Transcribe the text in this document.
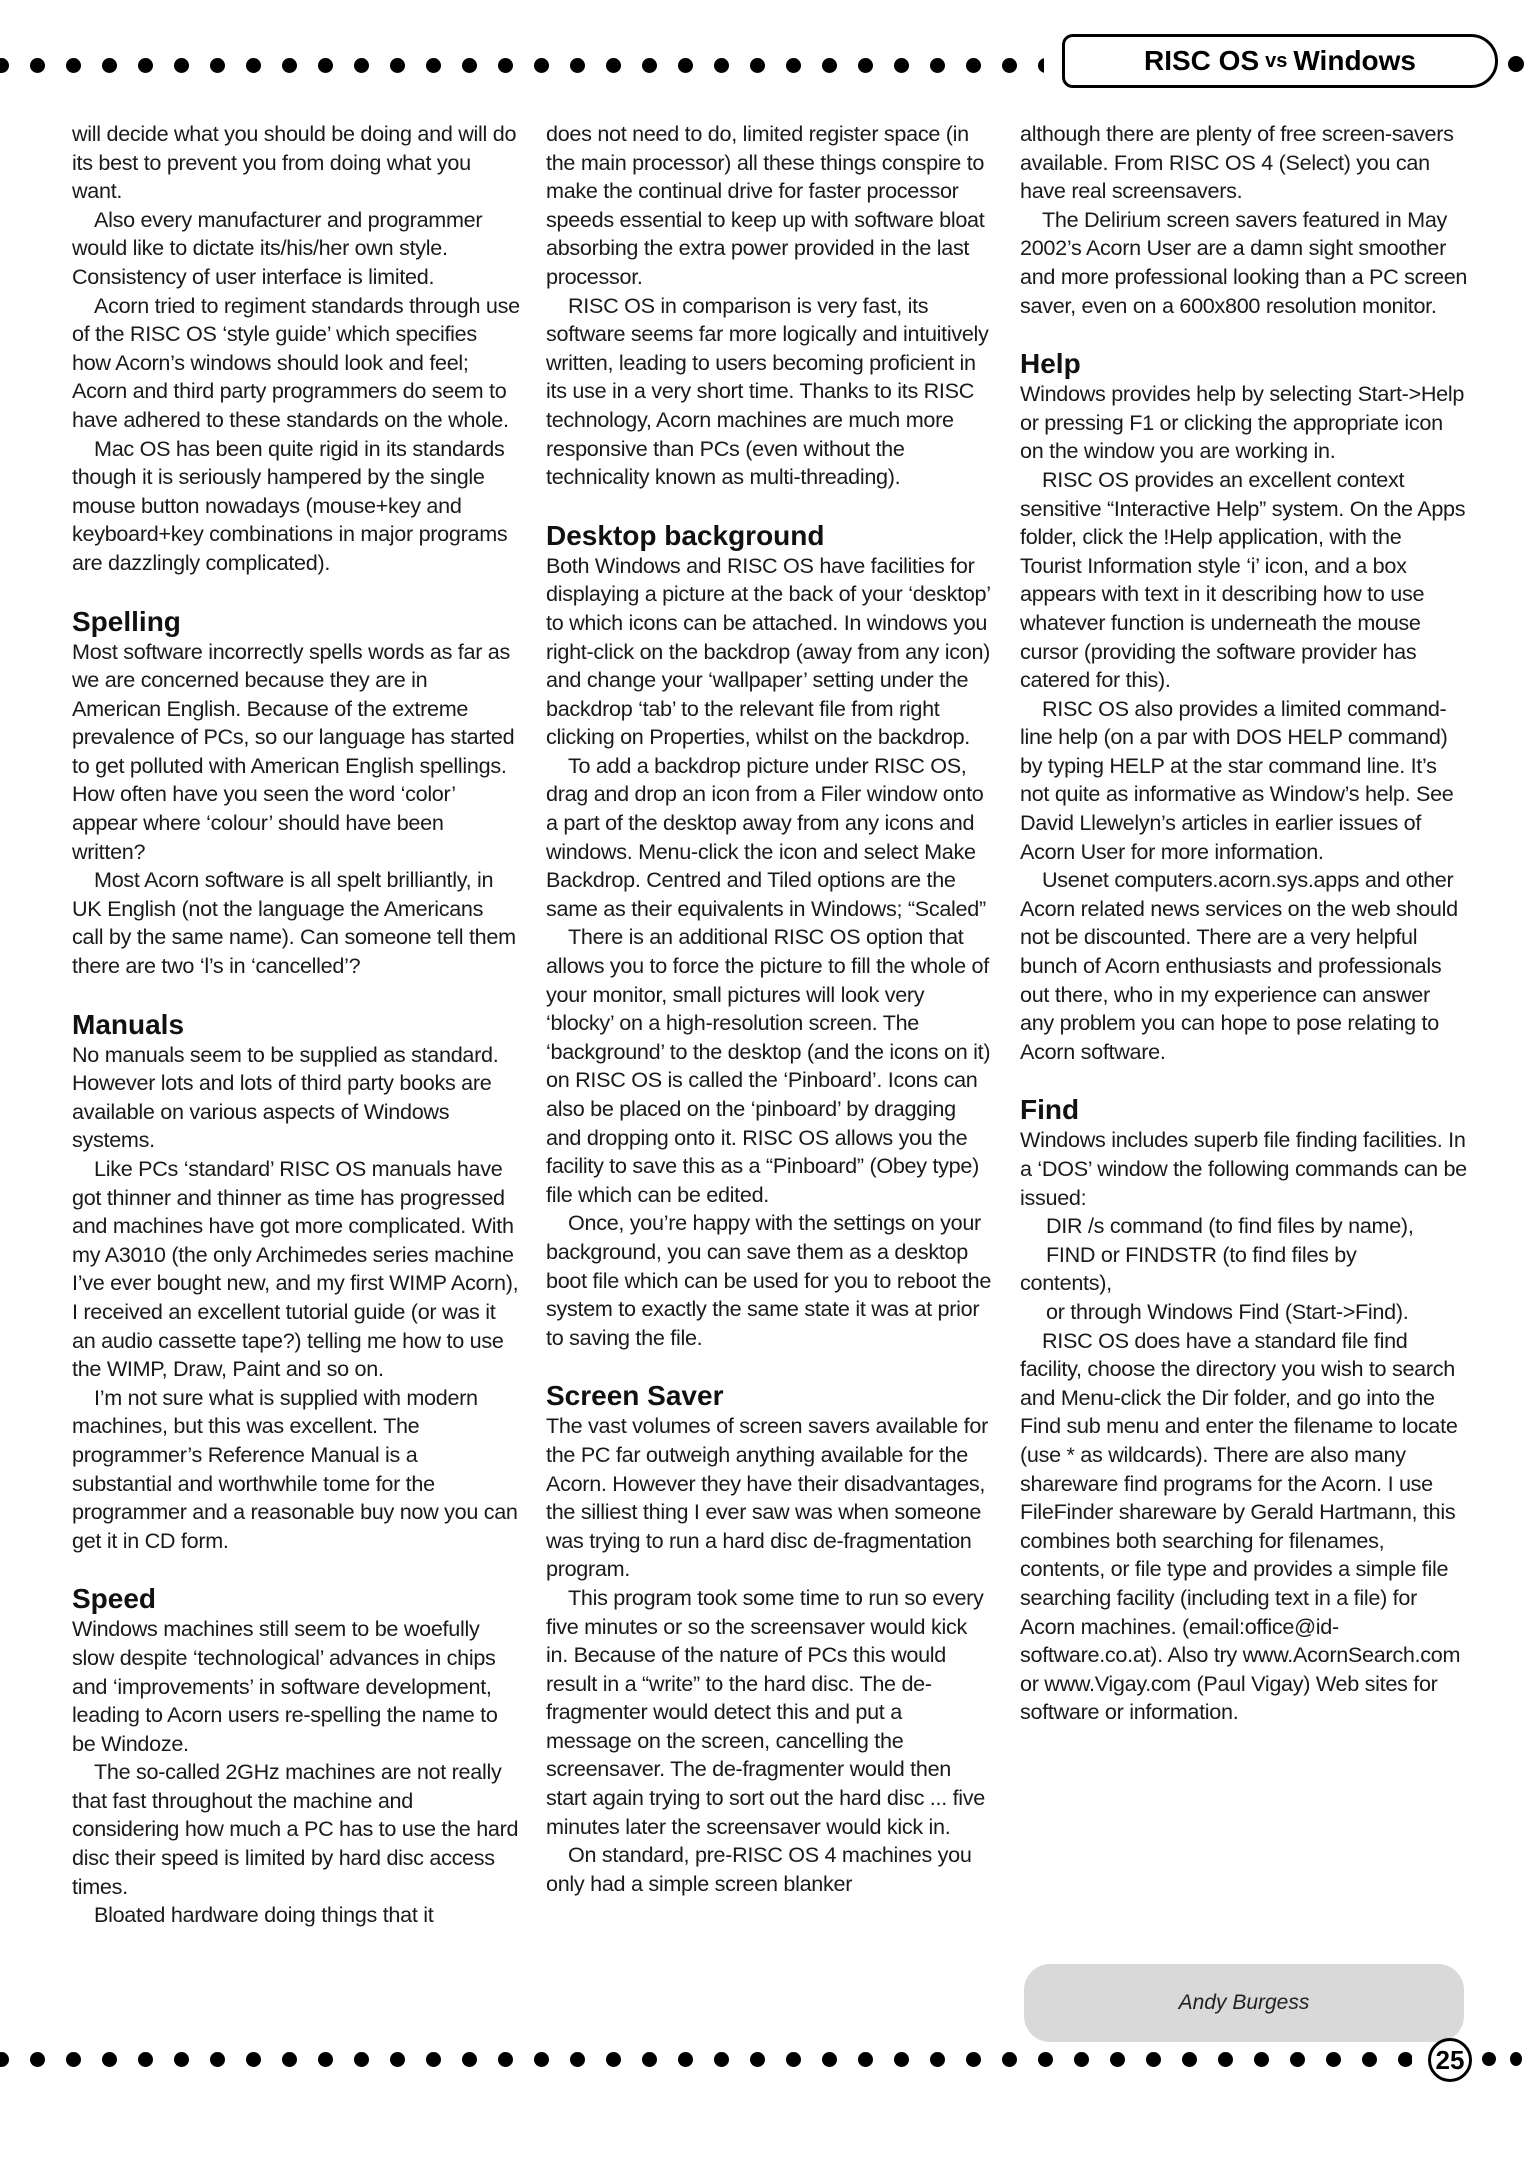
RISC OS vs Windows

will decide what you should be doing and will do its best to prevent you from doing what you want.

Also every manufacturer and programmer would like to dictate its/his/her own style. Consistency of user interface is limited.

Acorn tried to regiment standards through use of the RISC OS ‘style guide’ which specifies how Acorn’s windows should look and feel; Acorn and third party programmers do seem to have adhered to these standards on the whole.

Mac OS has been quite rigid in its standards though it is seriously hampered by the single mouse button nowadays (mouse+key and keyboard+key combinations in major programs are dazzlingly complicated).

Spelling

Most software incorrectly spells words as far as we are concerned because they are in American English. Because of the extreme prevalence of PCs, so our language has started to get polluted with American English spellings. How often have you seen the word ‘color’ appear where ‘colour’ should have been written?

Most Acorn software is all spelt brilliantly, in UK English (not the language the Americans call by the same name). Can someone tell them there are two ‘l’s in ‘cancelled’?

Manuals

No manuals seem to be supplied as standard. However lots and lots of third party books are available on various aspects of Windows systems.

Like PCs ‘standard’ RISC OS manuals have got thinner and thinner as time has progressed and machines have got more complicated. With my A3010 (the only Archimedes series machine I’ve ever bought new, and my first WIMP Acorn), I received an excellent tutorial guide (or was it an audio cassette tape?) telling me how to use the WIMP, Draw, Paint and so on.

I’m not sure what is supplied with modern machines, but this was excellent. The programmer’s Reference Manual is a substantial and worthwhile tome for the programmer and a reasonable buy now you can get it in CD form.

Speed

Windows machines still seem to be woefully slow despite ‘technological’ advances in chips and ‘improvements’ in software development, leading to Acorn users re-spelling the name to be Windoze.

The so-called 2GHz machines are not really that fast throughout the machine and considering how much a PC has to use the hard disc their speed is limited by hard disc access times.

Bloated hardware doing things that it

does not need to do, limited register space (in the main processor) all these things conspire to make the continual drive for faster processor speeds essential to keep up with software bloat absorbing the extra power provided in the last processor.

RISC OS in comparison is very fast, its software seems far more logically and intuitively written, leading to users becoming proficient in its use in a very short time. Thanks to its RISC technology, Acorn machines are much more responsive than PCs (even without the technicality known as multi-threading).

Desktop background

Both Windows and RISC OS have facilities for displaying a picture at the back of your ‘desktop’ to which icons can be attached. In windows you right-click on the backdrop (away from any icon) and change your ‘wallpaper’ setting under the backdrop ‘tab’ to the relevant file from right clicking on Properties, whilst on the backdrop.

To add a backdrop picture under RISC OS, drag and drop an icon from a Filer window onto a part of the desktop away from any icons and windows. Menu-click the icon and select Make Backdrop. Centred and Tiled options are the same as their equivalents in Windows; “Scaled”

There is an additional RISC OS option that allows you to force the picture to fill the whole of your monitor, small pictures will look very ‘blocky’ on a high-resolution screen. The ‘background’ to the desktop (and the icons on it) on RISC OS is called the ‘Pinboard’. Icons can also be placed on the ‘pinboard’ by dragging and dropping onto it. RISC OS allows you the facility to save this as a “Pinboard” (Obey type) file which can be edited.

Once, you’re happy with the settings on your background, you can save them as a desktop boot file which can be used for you to reboot the system to exactly the same state it was at prior to saving the file.

Screen Saver

The vast volumes of screen savers available for the PC far outweigh anything available for the Acorn. However they have their disadvantages, the silliest thing I ever saw was when someone was trying to run a hard disc de-fragmentation program.

This program took some time to run so every five minutes or so the screensaver would kick in. Because of the nature of PCs this would result in a “write” to the hard disc. The de-fragmenter would detect this and put a message on the screen, cancelling the screensaver. The de-fragmenter would then start again trying to sort out the hard disc ... five minutes later the screensaver would kick in.

On standard, pre-RISC OS 4 machines you only had a simple screen blanker

although there are plenty of free screen-savers available. From RISC OS 4 (Select) you can have real screensavers.

The Delirium screen savers featured in May 2002’s Acorn User are a damn sight smoother and more professional looking than a PC screen saver, even on a 600x800 resolution monitor.

Help

Windows provides help by selecting Start->Help or pressing F1 or clicking the appropriate icon on the window you are working in.

RISC OS provides an excellent context sensitive “Interactive Help” system. On the Apps folder, click the !Help application, with the Tourist Information style ‘i’ icon, and a box appears with text in it describing how to use whatever function is underneath the mouse cursor (providing the software provider has catered for this).

RISC OS also provides a limited command-line help (on a par with DOS HELP command) by typing HELP at the star command line. It’s not quite as informative as Window’s help. See David Llewelyn’s articles in earlier issues of Acorn User for more information.

Usenet computers.acorn.sys.apps and other Acorn related news services on the web should not be discounted. There are a very helpful bunch of Acorn enthusiasts and professionals out there, who in my experience can answer any problem you can hope to pose relating to Acorn software.

Find

Windows includes superb file finding facilities. In a ‘DOS’ window the following commands can be issued:

DIR /s command (to find files by name),

FIND or FINDSTR (to find files by

contents),

or through Windows Find (Start->Find).

RISC OS does have a standard file find facility, choose the directory you wish to search and Menu-click the Dir folder, and go into the Find sub menu and enter the filename to locate (use * as wildcards). There are also many shareware find programs for the Acorn. I use FileFinder shareware by Gerald Hartmann, this combines both searching for filenames, contents, or file type and provides a simple file searching facility (including text in a file) for Acorn machines. (email:office@id-software.co.at). Also try www.AcornSearch.com or www.Vigay.com (Paul Vigay) Web sites for software or information.

Andy Burgess
25
